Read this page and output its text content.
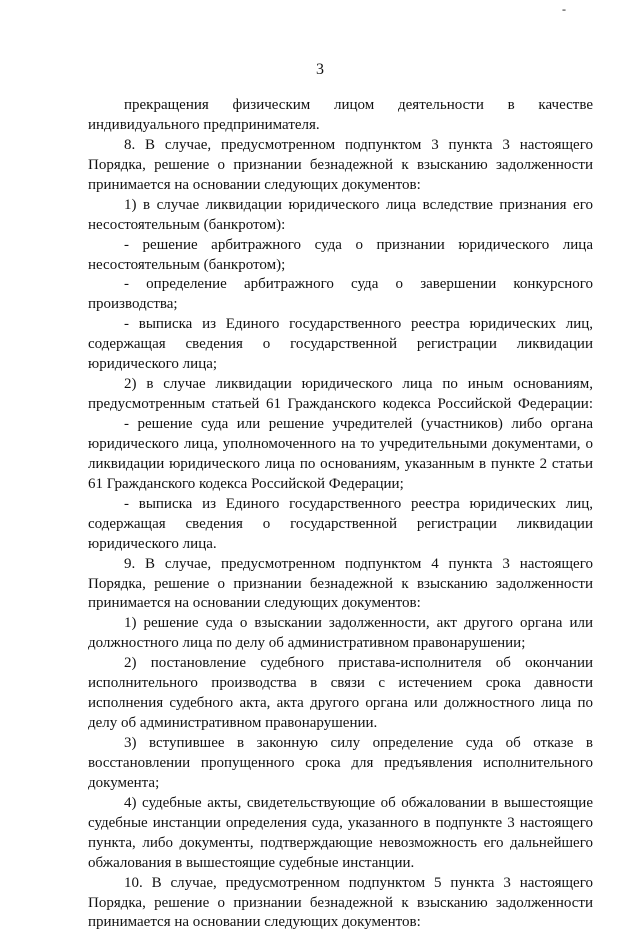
-
3
прекращения физическим лицом деятельности в качестве
индивидуального предпринимателя.
8. В случае, предусмотренном подпунктом 3 пункта 3 настоящего
Порядка, решение о признании безнадежной к взысканию задолженности
принимается на основании следующих документов:
1) в случае ликвидации юридического лица вследствие признания его
несостоятельным (банкротом):
- решение арбитражного суда о признании юридического лица
несостоятельным (банкротом);
- определение арбитражного суда о завершении конкурсного
производства;
- выписка из Единого государственного реестра юридических лиц,
содержащая сведения о государственной регистрации ликвидации
юридического лица;
2) в случае ликвидации юридического лица по иным основаниям,
предусмотренным статьей 61 Гражданского кодекса Российской Федерации:
- решение суда или решение учредителей (участников) либо органа
юридического лица, уполномоченного на то учредительными документами, о
ликвидации юридического лица по основаниям, указанным в пункте 2 статьи
61 Гражданского кодекса Российской Федерации;
- выписка из Единого государственного реестра юридических лиц,
содержащая сведения о государственной регистрации ликвидации
юридического лица.
9. В случае, предусмотренном подпунктом 4 пункта 3 настоящего
Порядка, решение о признании безнадежной к взысканию задолженности
принимается на основании следующих документов:
1) решение суда о взыскании задолженности, акт другого органа или
должностного лица по делу об административном правонарушении;
2) постановление судебного пристава-исполнителя об окончании
исполнительного производства в связи с истечением срока давности
исполнения судебного акта, акта другого органа или должностного лица по
делу об административном правонарушении.
3) вступившее в законную силу определение суда об отказе в
восстановлении пропущенного срока для предъявления исполнительного
документа;
4) судебные акты, свидетельствующие об обжаловании в вышестоящие
судебные инстанции определения суда, указанного в подпункте 3 настоящего
пункта, либо документы, подтверждающие невозможность его дальнейшего
обжалования в вышестоящие судебные инстанции.
10. В случае, предусмотренном подпунктом 5 пункта 3 настоящего
Порядка, решение о признании безнадежной к взысканию задолженности
принимается на основании следующих документов:
